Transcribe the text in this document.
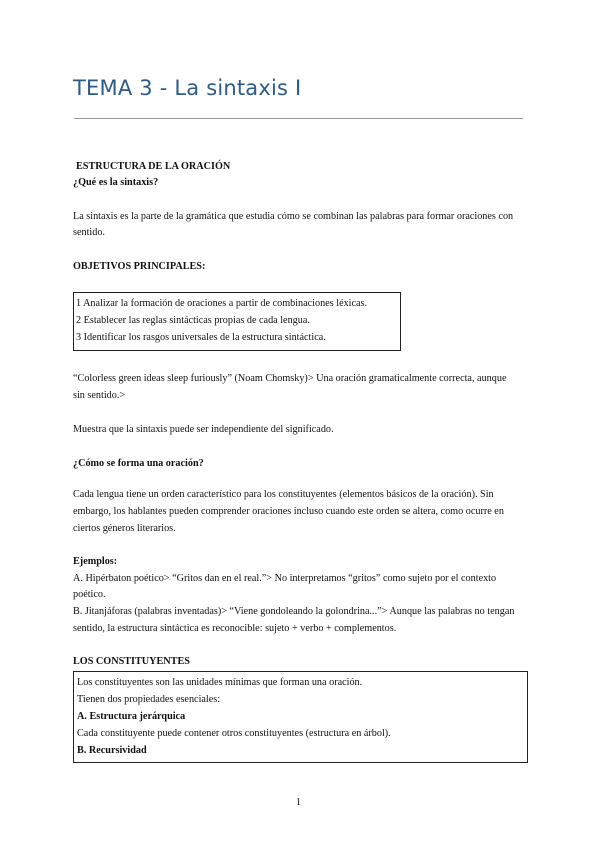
TEMA 3 - La sintaxis I
ESTRUCTURA DE LA ORACIÓN
¿Qué es la sintaxis?
La sintaxis es la parte de la gramática que estudia cómo se combinan las palabras para formar oraciones con
sentido.
OBJETIVOS PRINCIPALES:
1 Analizar la formación de oraciones a partir de combinaciones léxicas.
2 Establecer las reglas sintácticas propias de cada lengua.
3 Identificar los rasgos universales de la estructura sintáctica.
“Colorless green ideas sleep furiously” (Noam Chomsky)> Una oración gramaticalmente correcta, aunque
sin sentido.>
Muestra que la sintaxis puede ser independiente del significado.
¿Cómo se forma una oración?
Cada lengua tiene un orden característico para los constituyentes (elementos básicos de la oración). Sin
embargo, los hablantes pueden comprender oraciones incluso cuando este orden se altera, como ocurre en
ciertos géneros literarios.
Ejemplos:
A. Hipérbaton poético> “Gritos dan en el real.”> No interpretamos “gritos” como sujeto por el contexto
poético.
B. Jitanjáforas (palabras inventadas)> “Viene gondoleando la golondrina...”> Aunque las palabras no tengan
sentido, la estructura sintáctica es reconocible: sujeto + verbo + complementos.
LOS CONSTITUYENTES
Los constituyentes son las unidades mínimas que forman una oración.
Tienen dos propiedades esenciales:
A. Estructura jerárquica
Cada constituyente puede contener otros constituyentes (estructura en árbol).
B. Recursividad
1
